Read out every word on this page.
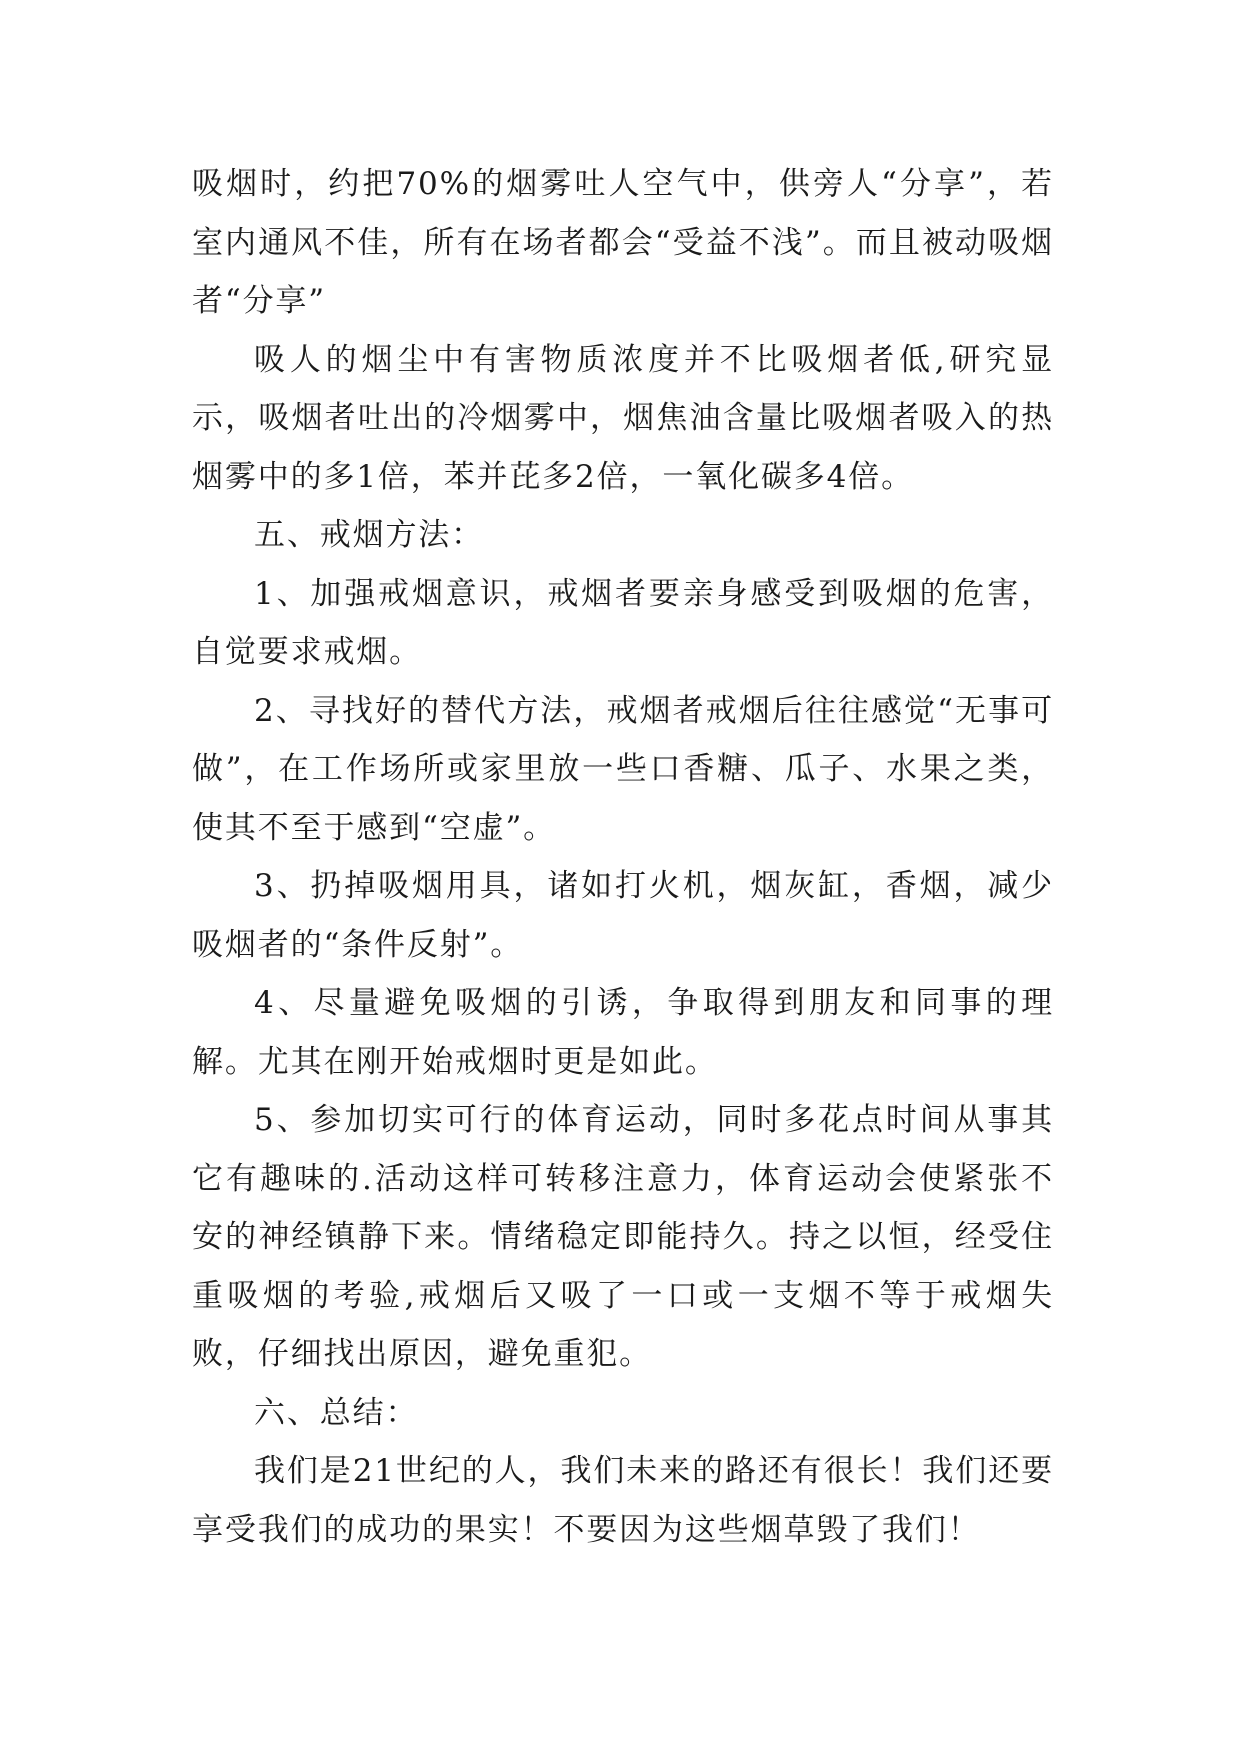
吸烟时，约把70%的烟雾吐人空气中，供旁人“分享”，若室内通风不佳，所有在场者都会“受益不浅”。而且被动吸烟者“分享”

吸人的烟尘中有害物质浓度并不比吸烟者低,研究显示，吸烟者吐出的冷烟雾中，烟焦油含量比吸烟者吸入的热烟雾中的多1倍，苯并芘多2倍，一氧化碳多4倍。

五、戒烟方法：

1、加强戒烟意识，戒烟者要亲身感受到吸烟的危害，自觉要求戒烟。

2、寻找好的替代方法，戒烟者戒烟后往往感觉“无事可做”，在工作场所或家里放一些口香糖、瓜子、水果之类，使其不至于感到“空虚”。

3、扔掉吸烟用具，诸如打火机，烟灰缸，香烟，减少吸烟者的“条件反射”。

4、尽量避免吸烟的引诱，争取得到朋友和同事的理解。尤其在刚开始戒烟时更是如此。

5、参加切实可行的体育运动，同时多花点时间从事其它有趣味的.活动这样可转移注意力，体育运动会使紧张不安的神经镇静下来。情绪稳定即能持久。持之以恒，经受住重吸烟的考验,戒烟后又吸了一口或一支烟不等于戒烟失败，仔细找出原因，避免重犯。

六、总结：

我们是21世纪的人，我们未来的路还有很长！我们还要享受我们的成功的果实！不要因为这些烟草毁了我们！
